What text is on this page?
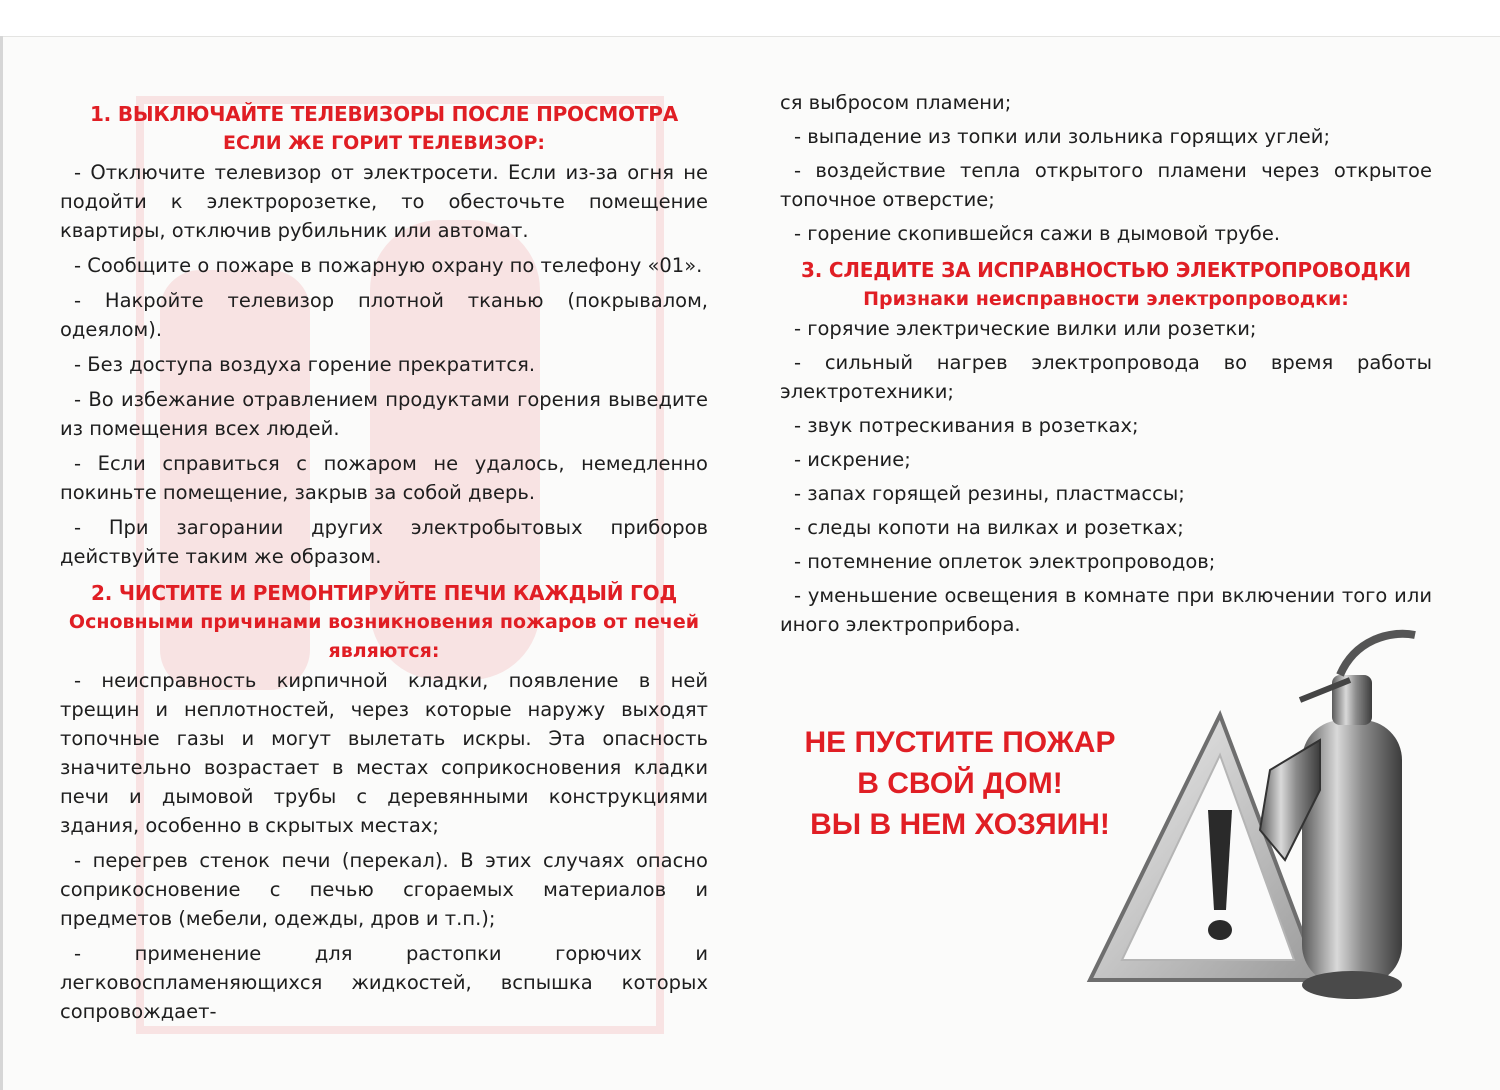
1. ВЫКЛЮЧАЙТЕ ТЕЛЕВИЗОРЫ ПОСЛЕ ПРОСМОТРА
ЕСЛИ ЖЕ ГОРИТ ТЕЛЕВИЗОР:

- Отключите телевизор от электросети. Если из-за огня не подойти к электророзетке, то обесточьте помещение квартиры, отключив рубильник или автомат.

- Сообщите о пожаре в пожарную охрану по телефону «01».

- Накройте телевизор плотной тканью (покрывалом, одеялом).

- Без доступа воздуха горение прекратится.

- Во избежание отравлением продуктами горения выведите из помещения всех людей.

- Если справиться с пожаром не удалось, немедленно покиньте помещение, закрыв за собой дверь.

- При загорании других электробытовых приборов действуйте таким же образом.

2. ЧИСТИТЕ И РЕМОНТИРУЙТЕ ПЕЧИ КАЖДЫЙ ГОД
Основными причинами возникновения пожаров от печей являются:

- неисправность кирпичной кладки, появление в ней трещин и неплотностей, через которые наружу выходят топочные газы и могут вылетать искры. Эта опасность значительно возрастает в местах соприкосновения кладки печи и дымовой трубы с деревянными конструкциями здания, особенно в скрытых местах;

- перегрев стенок печи (перекал). В этих случаях опасно соприкосновение с печью сгораемых материалов и предметов (мебели, одежды, дров и т.п.);

- применение для растопки горючих и легковоспламеняющихся жидкостей, вспышка которых сопровождает-

ся выбросом пламени;

- выпадение из топки или зольника горящих углей;

- воздействие тепла открытого пламени через открытое топочное отверстие;

- горение скопившейся сажи в дымовой трубе.

3. СЛЕДИТЕ ЗА ИСПРАВНОСТЬЮ ЭЛЕКТРОПРОВОДКИ
Признаки неисправности электропроводки:

- горячие электрические вилки или розетки;

- сильный нагрев электропровода во время работы электротехники;

- звук потрескивания в розетках;

- искрение;

- запах горящей резины, пластмассы;

- следы копоти на вилках и розетках;

- потемнение оплеток электропроводов;

- уменьшение освещения в комнате при включении того или иного электроприбора.

НЕ ПУСТИТЕ ПОЖАР
В СВОЙ ДОМ!
ВЫ В НЕМ ХОЗЯИН!
